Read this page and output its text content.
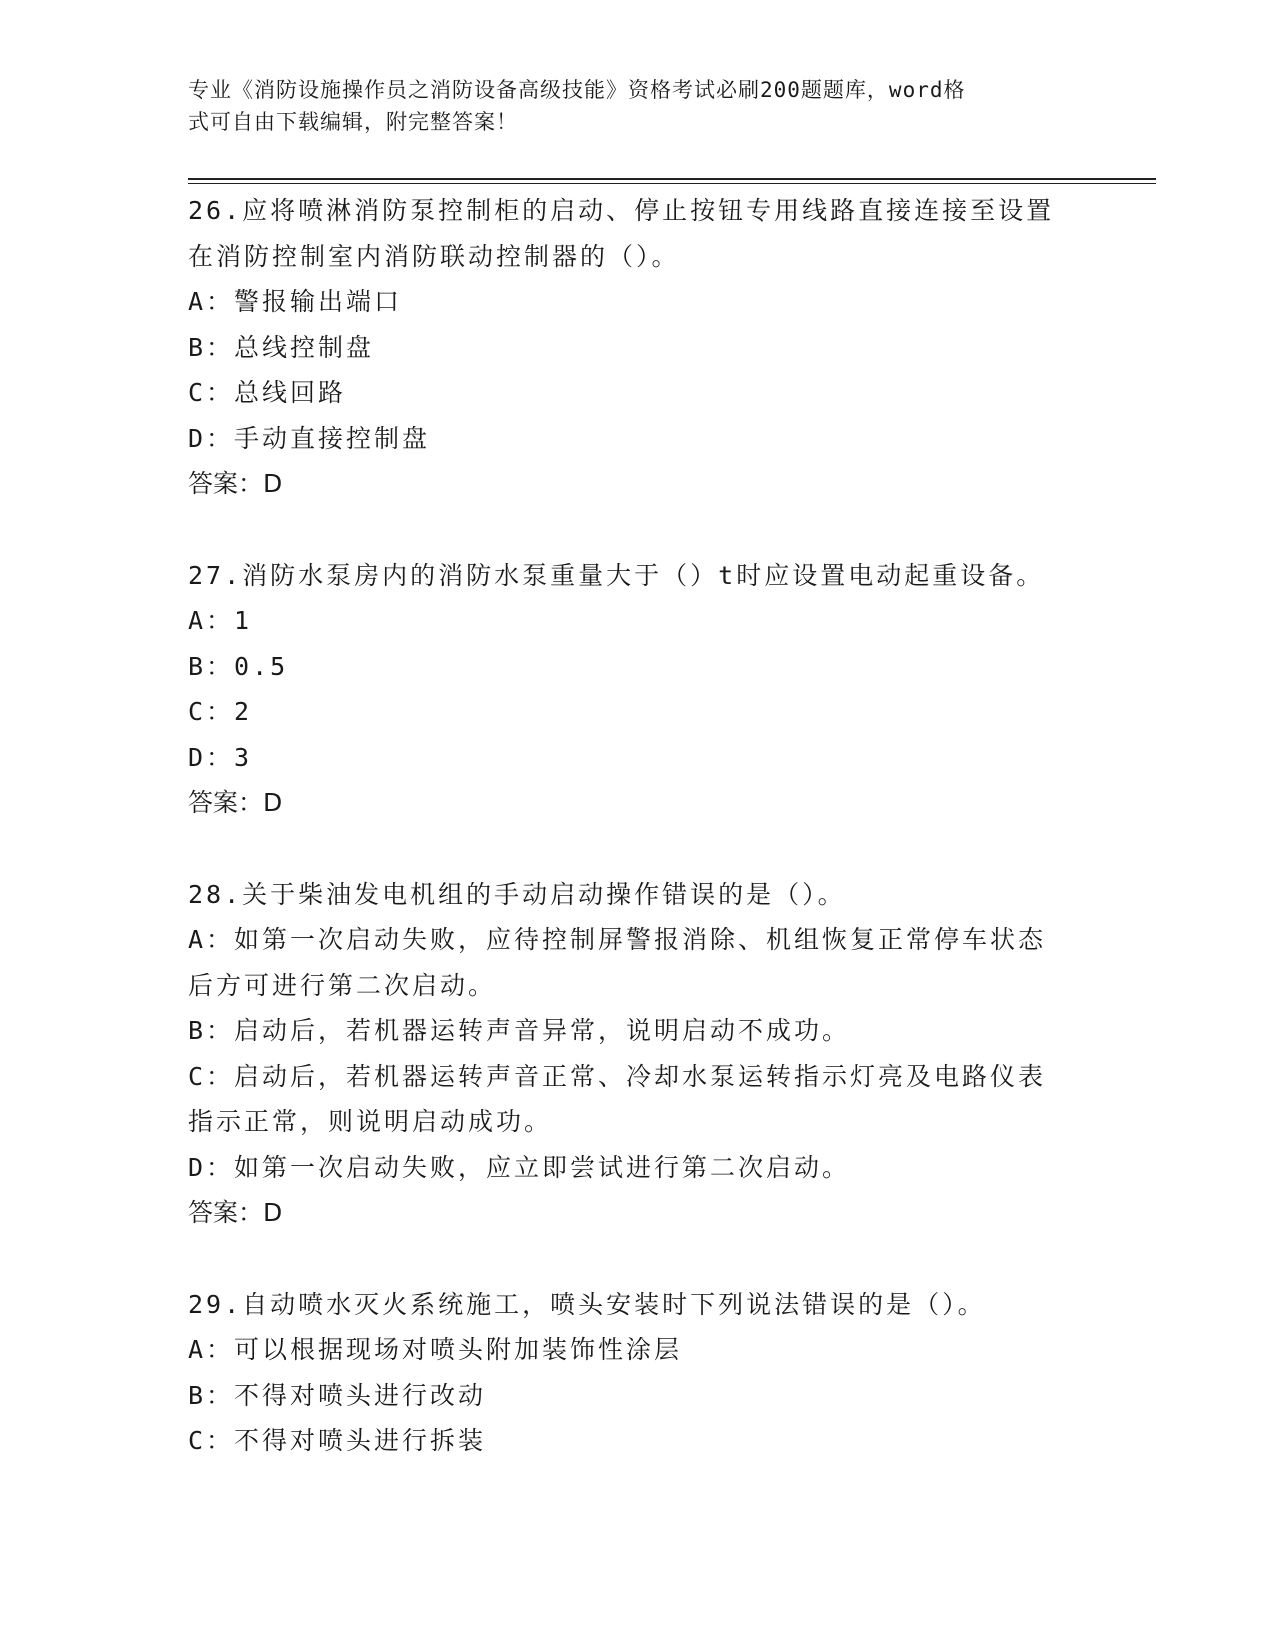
专业《消防设施操作员之消防设备高级技能》资格考试必刷200题题库，word格
式可自由下载编辑，附完整答案！
26.应将喷淋消防泵控制柜的启动、停止按钮专用线路直接连接至设置
在消防控制室内消防联动控制器的（）。
A：警报输出端口
B：总线控制盘
C：总线回路
D：手动直接控制盘
答案：D
27.消防水泵房内的消防水泵重量大于（）t时应设置电动起重设备。
A：1
B：0.5
C：2
D：3
答案：D
28.关于柴油发电机组的手动启动操作错误的是（）。
A：如第一次启动失败，应待控制屏警报消除、机组恢复正常停车状态
后方可进行第二次启动。
B：启动后，若机器运转声音异常，说明启动不成功。
C：启动后，若机器运转声音正常、冷却水泵运转指示灯亮及电路仪表
指示正常，则说明启动成功。
D：如第一次启动失败，应立即尝试进行第二次启动。
答案：D
29.自动喷水灭火系统施工，喷头安装时下列说法错误的是（）。
A：可以根据现场对喷头附加装饰性涂层
B：不得对喷头进行改动
C：不得对喷头进行拆装
